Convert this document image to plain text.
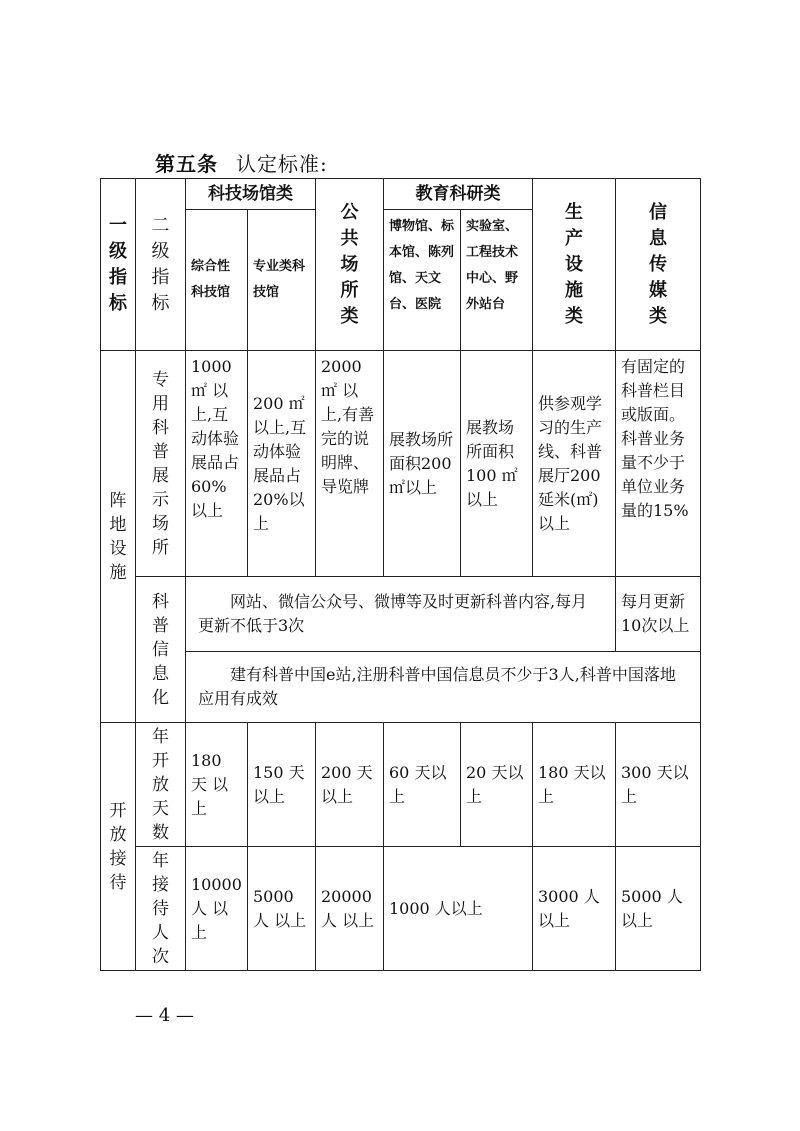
第五条 认定标准:
一级指标	二级指标	科技场馆类		公共场所类	教育科研类		生产设施类	信息传媒类

		综合性科技馆	专业类科技馆		博物馆、标本馆、陈列馆、天文台、医院	实验室、工程技术中心、野外站台		

阵地设施	专用科普展示场所	1000 ㎡ 以上,互动体验展品占60%以上	200 ㎡ 以上,互动体验展品占20%以上	2000 ㎡ 以上,有善完的说明牌、导览牌	展教场所面积200 ㎡以上	展教场所面积100 ㎡以上	供参观学习的生产线、科普展厅200延米(㎡)以上	有固定的科普栏目或版面。科普业务量不少于单位业务量的15%

	科普信息化	网站、微信公众号、微博等及时更新科普内容,每月更新不低于3次						每月更新10次以上

		建有科普中国e站,注册科普中国信息员不少于3人,科普中国落地应用有成效						

开放接待	年开放天数	180 天 以上	150 天以上	200 天以上	60 天以上	20 天以上	180 天以上	300 天以上

	年接待人次	10000 人 以上	5000 人 以上	20000 人 以上	1000 人以上		3000 人 以上	5000 人 以上
— 4 —
